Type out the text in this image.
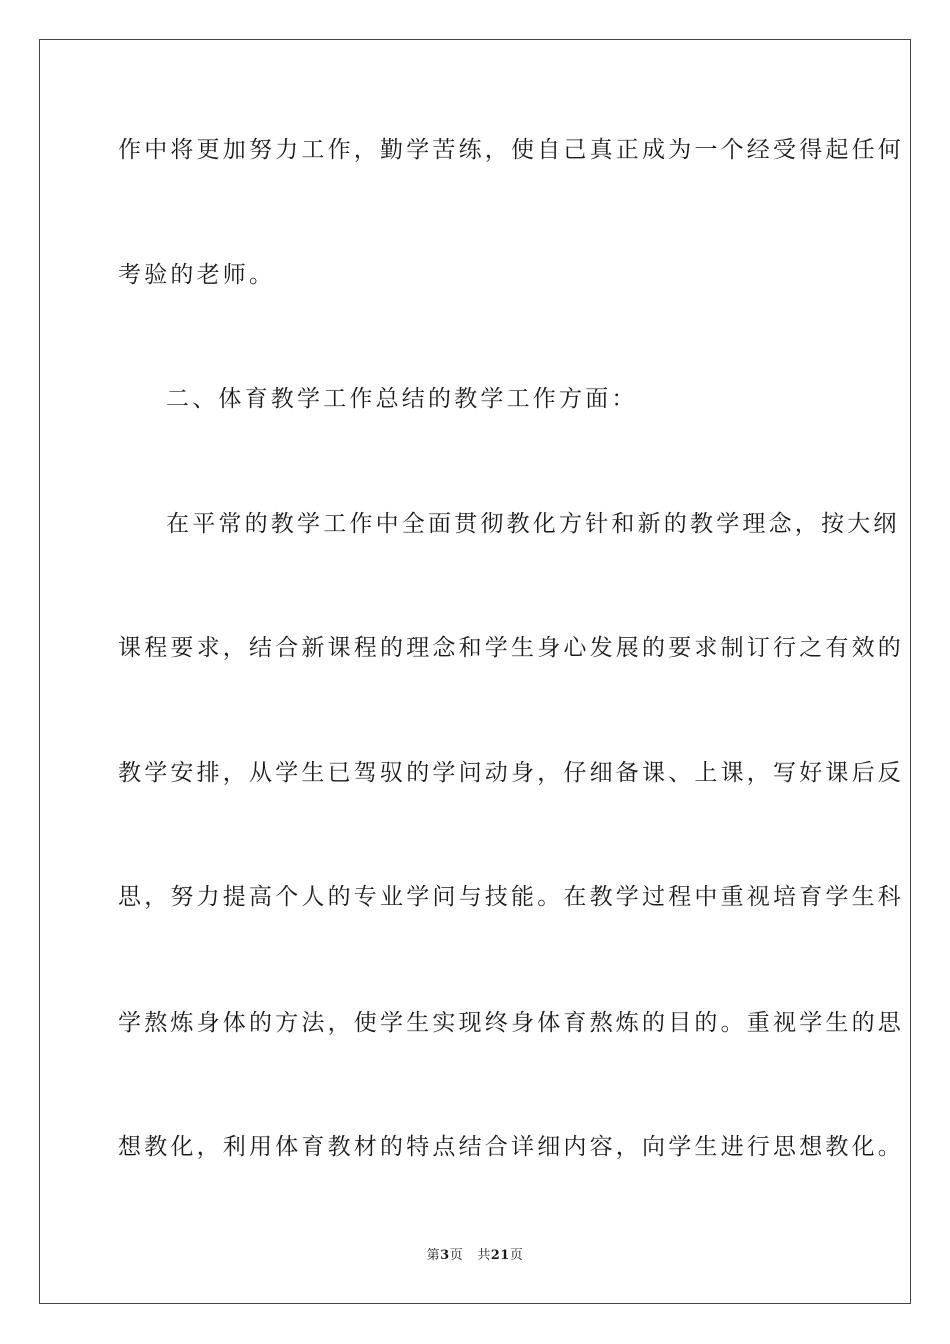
作中将更加努力工作，勤学苦练，使自己真正成为一个经受得起任何
考验的老师。
二、体育教学工作总结的教学工作方面：
在平常的教学工作中全面贯彻教化方针和新的教学理念，按大纲
课程要求，结合新课程的理念和学生身心发展的要求制订行之有效的
教学安排，从学生已驾驭的学问动身，仔细备课、上课，写好课后反
思，努力提高个人的专业学问与技能。在教学过程中重视培育学生科
学熬炼身体的方法，使学生实现终身体育熬炼的目的。重视学生的思
想教化，利用体育教材的特点结合详细内容，向学生进行思想教化。
第3页 共21页
